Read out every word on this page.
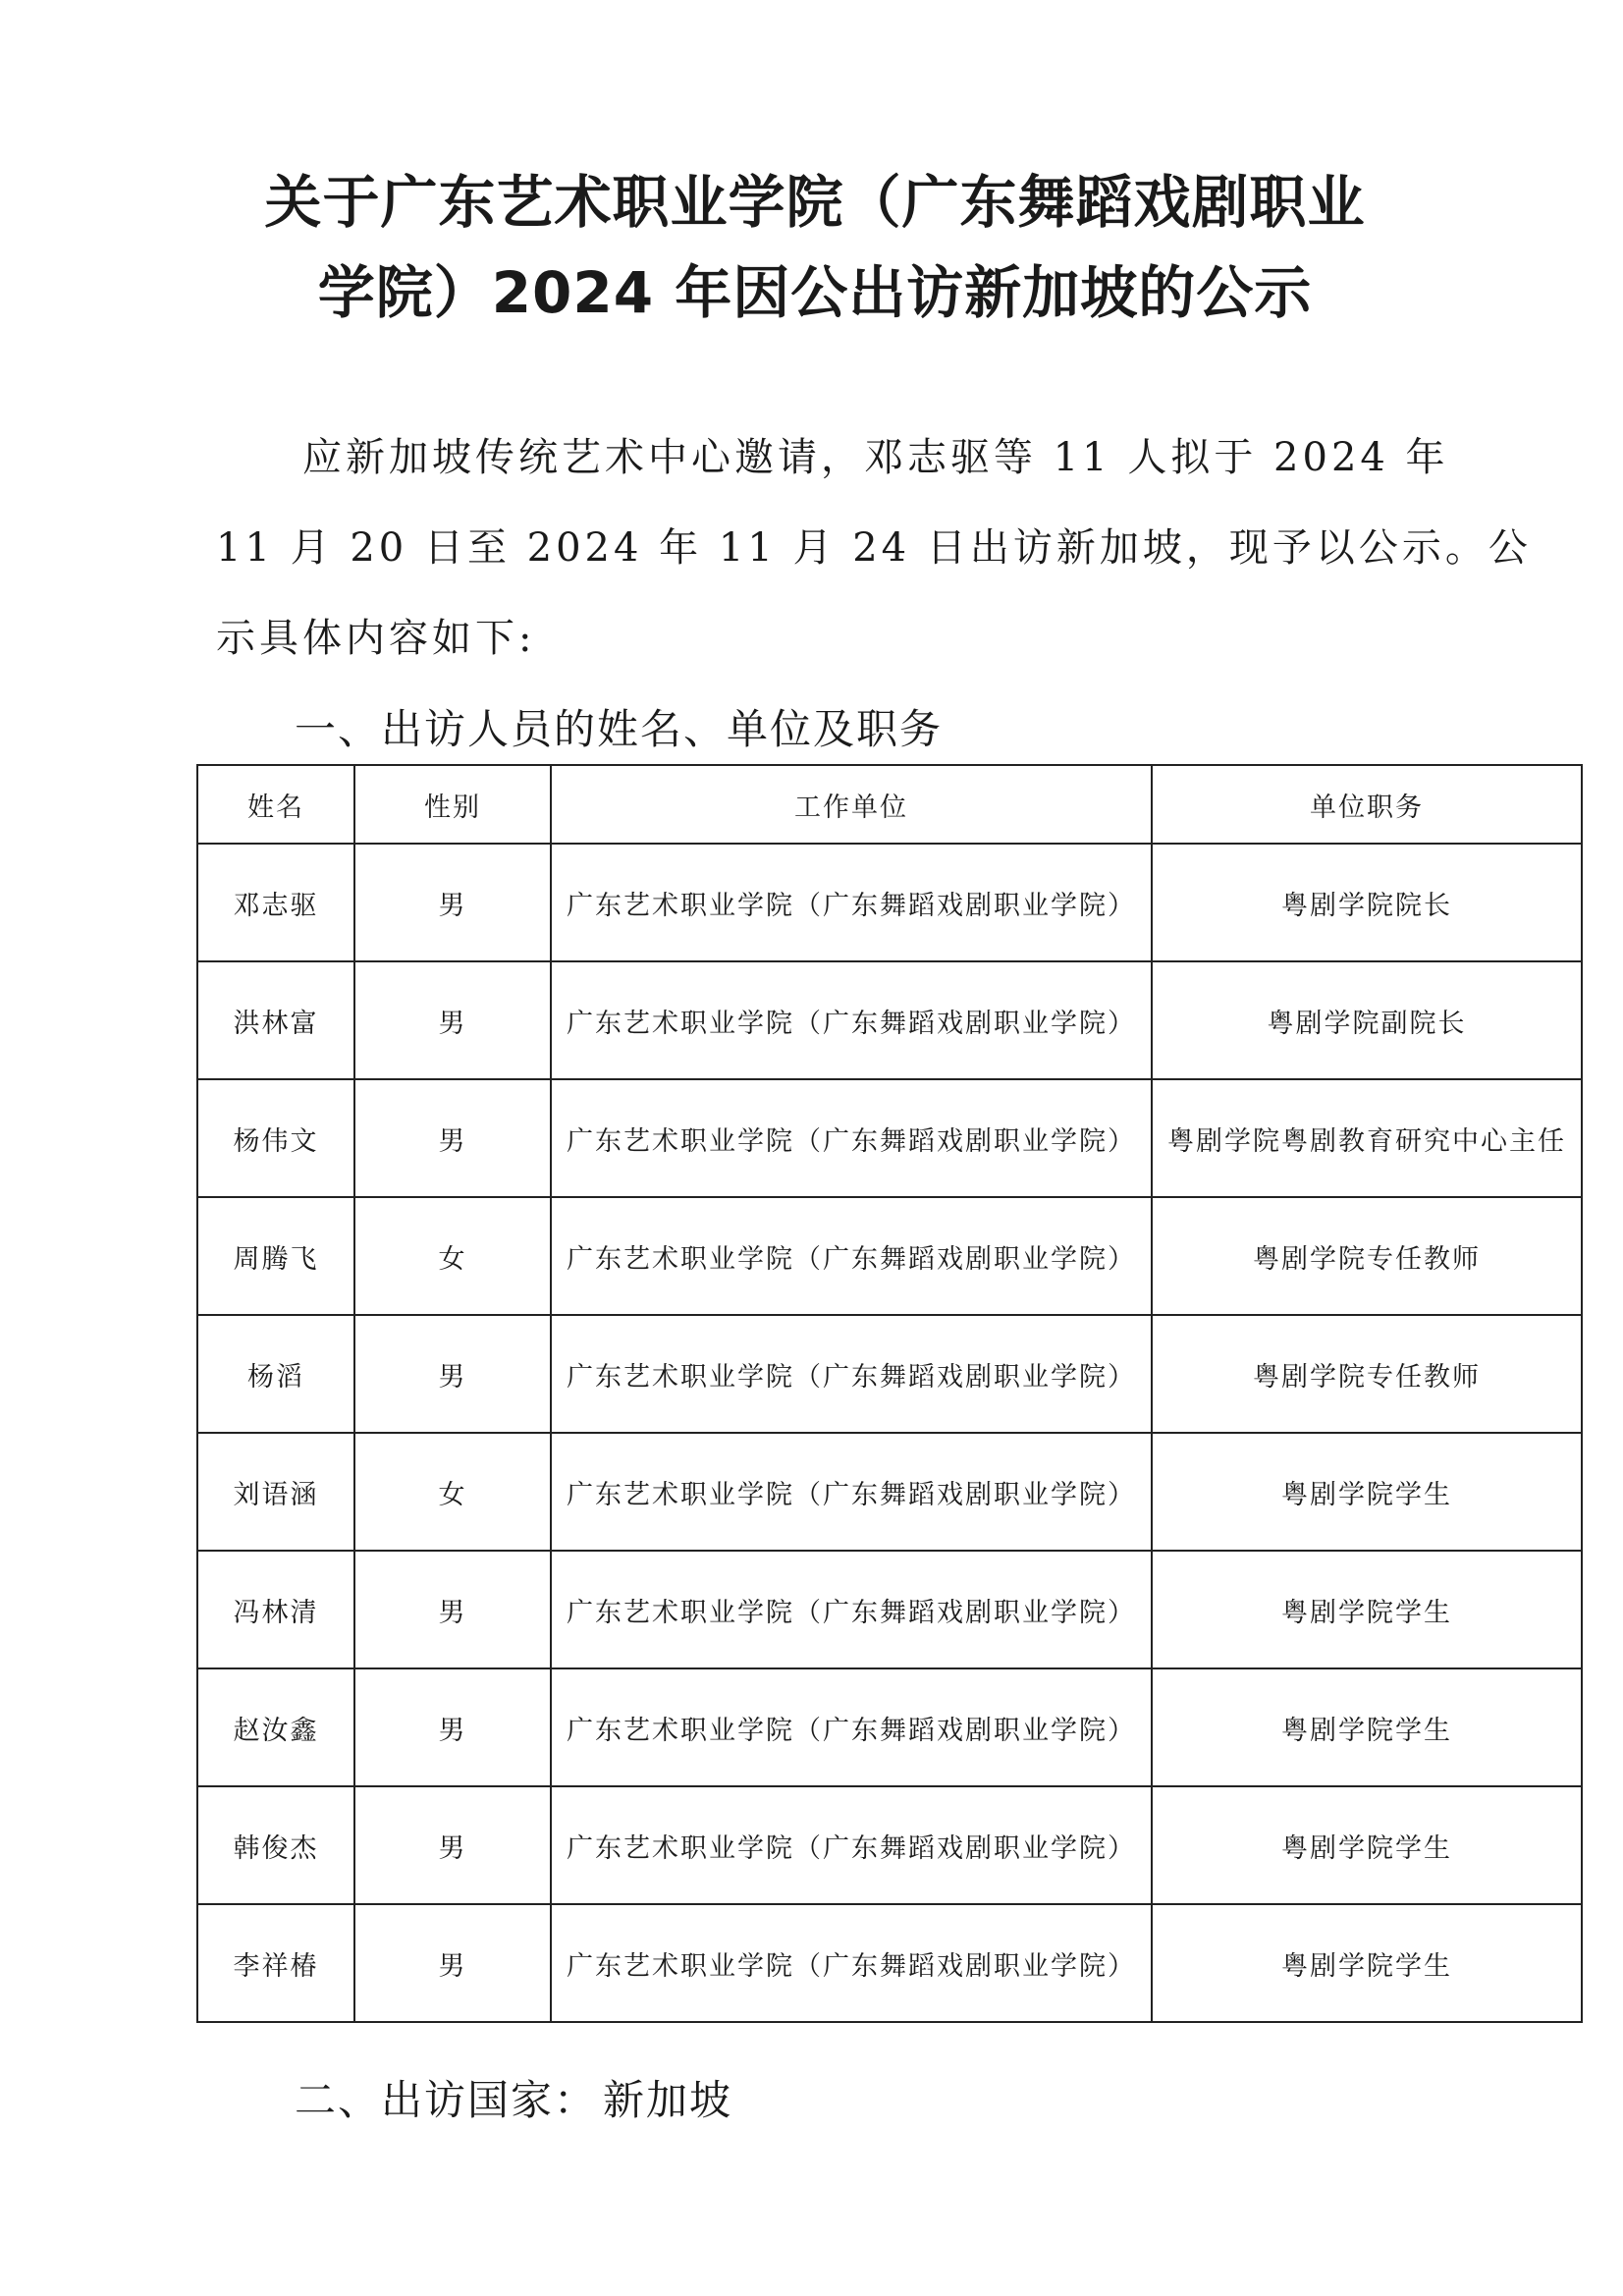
关于广东艺术职业学院（广东舞蹈戏剧职业
学院）2024 年因公出访新加坡的公示
应新加坡传统艺术中心邀请，邓志驱等 11 人拟于 2024 年
11 月 20 日至 2024 年 11 月 24 日出访新加坡，现予以公示。公
示具体内容如下:
一、出访人员的姓名、单位及职务
姓名	性别	工作单位	单位职务
邓志驱	男	广东艺术职业学院（广东舞蹈戏剧职业学院）	粤剧学院院长
洪林富	男	广东艺术职业学院（广东舞蹈戏剧职业学院）	粤剧学院副院长
杨伟文	男	广东艺术职业学院（广东舞蹈戏剧职业学院）	粤剧学院粤剧教育研究中心主任
周腾飞	女	广东艺术职业学院（广东舞蹈戏剧职业学院）	粤剧学院专任教师
杨滔	男	广东艺术职业学院（广东舞蹈戏剧职业学院）	粤剧学院专任教师
刘语涵	女	广东艺术职业学院（广东舞蹈戏剧职业学院）	粤剧学院学生
冯林清	男	广东艺术职业学院（广东舞蹈戏剧职业学院）	粤剧学院学生
赵汝鑫	男	广东艺术职业学院（广东舞蹈戏剧职业学院）	粤剧学院学生
韩俊杰	男	广东艺术职业学院（广东舞蹈戏剧职业学院）	粤剧学院学生
李祥椿	男	广东艺术职业学院（广东舞蹈戏剧职业学院）	粤剧学院学生
二、出访国家： 新加坡
